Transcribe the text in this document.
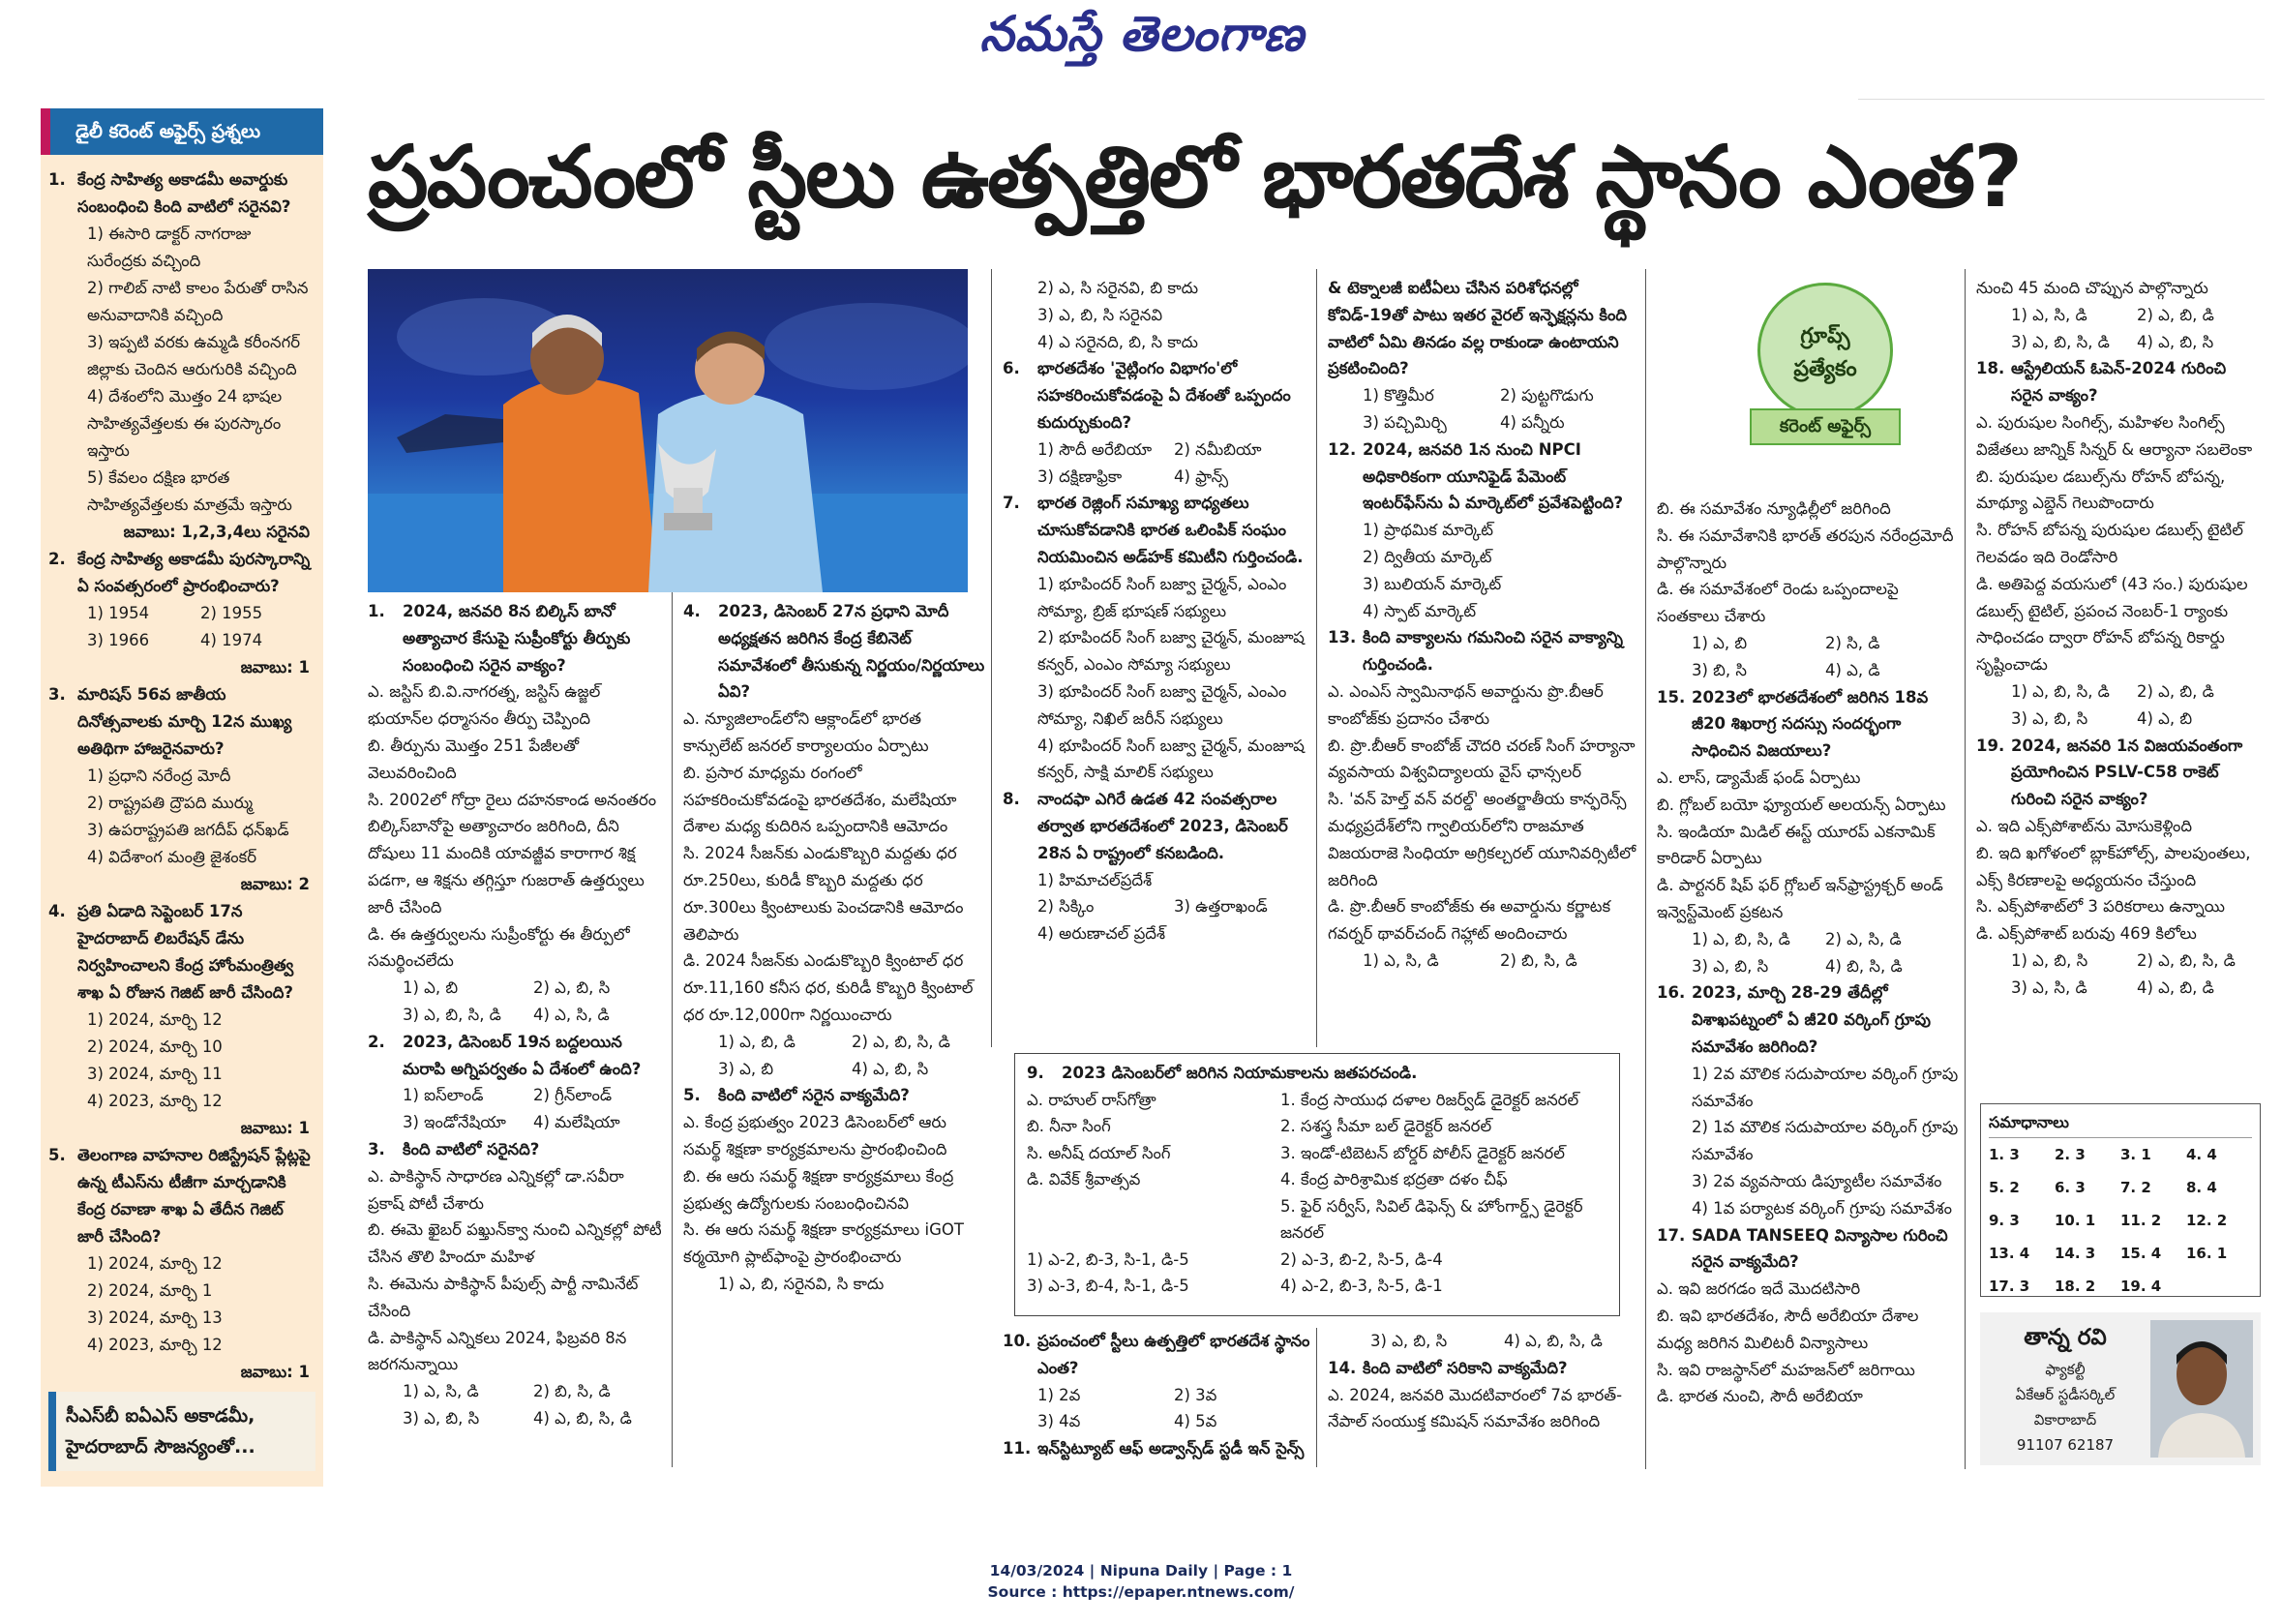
నమస్తే తెలంగాణ
ప్రపంచంలో స్టీలు ఉత్పత్తిలో భారతదేశ స్థానం ఎంత?
డైలీ కరెంట్ అఫైర్స్ ప్రశ్నలు
1. కేంద్ర సాహిత్య అకాడమీ అవార్డుకు సంబంధించి కింది వాటిలో సరైనవి?
1) ఈసారి డాక్టర్ నాగరాజు సురేంద్రకు వచ్చింది
2) గాలిబ్ నాటి కాలం పేరుతో రాసిన అనువాదానికి వచ్చింది
3) ఇప్పటి వరకు ఉమ్మడి కరీంనగర్ జిల్లాకు చెందిన ఆరుగురికి వచ్చింది
4) దేశంలోని మొత్తం 24 భాషల సాహిత్యవేత్తలకు ఈ పురస్కారం ఇస్తారు
5) కేవలం దక్షిణ భారత సాహిత్యవేత్తలకు మాత్రమే ఇస్తారు
జవాబు: 1,2,3,4లు సరైనవి
2. కేంద్ర సాహిత్య అకాడమీ పురస్కారాన్ని ఏ సంవత్సరంలో ప్రారంభించారు?
1) 1954	2) 1955
3) 1966	4) 1974
జవాబు: 1
3. మారిషస్ 56వ జాతీయ దినోత్సవాలకు మార్చి 12న ముఖ్య అతిథిగా హాజరైనవారు?
1) ప్రధాని నరేంద్ర మోదీ
2) రాష్ట్రపతి ద్రౌపది ముర్ము
3) ఉపరాష్ట్రపతి జగదీప్ ధన్‌ఖడ్
4) విదేశాంగ మంత్రి జైశంకర్
జవాబు: 2
4. ప్రతి ఏడాది సెప్టెంబర్ 17న హైదరాబాద్ లిబరేషన్ డేను నిర్వహించాలని కేంద్ర హోంమంత్రిత్వ శాఖ ఏ రోజున గెజిట్ జారీ చేసింది?
1) 2024, మార్చి 12
2) 2024, మార్చి 10
3) 2024, మార్చి 11
4) 2023, మార్చి 12
జవాబు: 1
5. తెలంగాణ వాహనాల రిజిస్ట్రేషన్ ప్లేట్లపై ఉన్న టీఎస్‌ను టీజీగా మార్చడానికి కేంద్ర రవాణా శాఖ ఏ తేదీన గెజిట్ జారీ చేసింది?
1) 2024, మార్చి 12
2) 2024, మార్చి 1
3) 2024, మార్చి 13
4) 2023, మార్చి 12
జవాబు: 1
సీఎస్‌బీ ఐఏఎస్ అకాడమీ,
హైదరాబాద్ సౌజన్యంతో...
1.	2024, జనవరి 8న బిల్కిస్ బానో అత్యాచార కేసుపై సుప్రీంకోర్టు తీర్పుకు సంబంధించి సరైన వాక్యం?
ఎ. జస్టిస్ బి.వి.నాగరత్న, జస్టిస్ ఉజ్జల్ భుయాన్‌ల ధర్మాసనం తీర్పు చెప్పింది
బి. తీర్పును మొత్తం 251 పేజీలతో వెలువరించింది
సి. 2002లో గోద్రా రైలు దహనకాండ అనంతరం బిల్కిస్‌బానోపై అత్యాచారం జరిగింది, దీని దోషులు 11 మందికి యావజ్జీవ కారాగార శిక్ష పడగా, ఆ శిక్షను తగ్గిస్తూ గుజరాత్ ఉత్తర్వులు జారీ చేసింది
డి. ఈ ఉత్తర్వులను సుప్రీంకోర్టు ఈ తీర్పులో సమర్థించలేదు
1) ఎ, బి	2) ఎ, బి, సి
3) ఎ, బి, సి, డి	4) ఎ, సి, డి
2.	2023, డిసెంబర్ 19న బద్దలయిన మరాపి అగ్నిపర్వతం ఏ దేశంలో ఉంది?
1) ఐస్‌లాండ్	2) గ్రీన్‌లాండ్
3) ఇండోనేషియా	4) మలేషియా
3.	కింది వాటిలో సరైనది?
ఎ. పాకిస్థాన్ సాధారణ ఎన్నికల్లో డా.సవీరా ప్రకాష్ పోటీ చేశారు
బి. ఈమె ఖైబర్ పఖ్తున్‌క్వా నుంచి ఎన్నికల్లో పోటీ చేసిన తొలి హిందూ మహిళ
సి. ఈమెను పాకిస్థాన్ పీపుల్స్ పార్టీ నామినేట్ చేసింది
డి. పాకిస్థాన్ ఎన్నికలు 2024, ఫిబ్రవరి 8న జరగనున్నాయి
1) ఎ, సి, డి	2) బి, సి, డి
3) ఎ, బి, సి	4) ఎ, బి, సి, డి
4.	2023, డిసెంబర్ 27న ప్రధాని మోదీ అధ్యక్షతన జరిగిన కేంద్ర కేబినెట్ సమావేశంలో తీసుకున్న నిర్ణయం/నిర్ణయాలు ఏవి?
ఎ. న్యూజిలాండ్‌లోని ఆక్లాండ్‌లో భారత కాన్సులేట్ జనరల్ కార్యాలయం ఏర్పాటు
బి. ప్రసార మాధ్యమ రంగంలో సహకరించుకోవడంపై భారతదేశం, మలేషియా దేశాల మధ్య కుదిరిన ఒప్పందానికి ఆమోదం
సి. 2024 సీజన్‌కు ఎండుకొబ్బరి మద్దతు ధర రూ.250లు, కురిడీ కొబ్బరి మద్దతు ధర రూ.300లు క్వింటాలుకు పెంచడానికి ఆమోదం తెలిపారు
డి. 2024 సీజన్‌కు ఎండుకొబ్బరి క్వింటాల్ ధర రూ.11,160 కనీస ధర, కురిడీ కొబ్బరి క్వింటాల్ ధర రూ.12,000గా నిర్ణయించారు
1) ఎ, బి, డి	2) ఎ, బి, సి, డి
3) ఎ, బి	4) ఎ, బి, సి
5.	కింది వాటిలో సరైన వాక్యమేది?
ఎ. కేంద్ర ప్రభుత్వం 2023 డిసెంబర్‌లో ఆరు సమర్థ్ శిక్షణా కార్యక్రమాలను ప్రారంభించింది
బి. ఈ ఆరు సమర్థ్ శిక్షణా కార్యక్రమాలు కేంద్ర ప్రభుత్వ ఉద్యోగులకు సంబంధించినవి
సి. ఈ ఆరు సమర్థ్ శిక్షణా కార్యక్రమాలు iGOT కర్మయోగి ప్లాట్‌ఫాంపై ప్రారంభించారు
1) ఎ, బి, సరైనవి, సి కాదు
2) ఎ, సి సరైనవి, బి కాదు
3) ఎ, బి, సి సరైనవి
4) ఎ సరైనది, బి, సి కాదు
6.	భారతదేశం 'వైట్లింగం విభాగం'లో సహకరించుకోవడంపై ఏ దేశంతో ఒప్పందం కుదుర్చుకుంది?
1) సౌదీ అరేబియా	2) నమీబియా
3) దక్షిణాఫ్రికా	4) ఫ్రాన్స్
7.	భారత రెజ్లింగ్ సమాఖ్య బాధ్యతలు చూసుకోవడానికి భారత ఒలింపిక్ సంఘం నియమించిన అడ్‌హక్ కమిటీని గుర్తించండి.
1) భూపిందర్ సింగ్ బజ్వా చైర్మన్, ఎంఎం సోమ్యా, బ్రిజ్ భూషణ్ సభ్యులు
2) భూపిందర్ సింగ్ బజ్వా చైర్మన్, మంజూష కన్వర్, ఎంఎం సోమ్యా సభ్యులు
3) భూపిందర్ సింగ్ బజ్వా చైర్మన్, ఎంఎం సోమ్యా, నిఖిల్ జరీన్ సభ్యులు
4) భూపిందర్ సింగ్ బజ్వా చైర్మన్, మంజూష కన్వర్, సాక్షి మాలిక్ సభ్యులు
8.	నాందఫా ఎగిరే ఉడత 42 సంవత్సరాల తర్వాత భారతదేశంలో 2023, డిసెంబర్ 28న ఏ రాష్ట్రంలో కనబడింది.
1) హిమాచల్‌ప్రదేశ్
2) సిక్కిం	3) ఉత్తరాఖండ్
4) అరుణాచల్ ప్రదేశ్
& టెక్నాలజీ ఐటీఏలు చేసిన పరిశోధనల్లో కోవిడ్-19తో పాటు ఇతర వైరల్ ఇన్ఫెక్షన్లను కింది వాటిలో ఏమి తినడం వల్ల రాకుండా ఉంటాయని ప్రకటించింది?
1) కొత్తిమీర	2) పుట్టగొడుగు
3) పచ్చిమిర్చి	4) పన్నీరు
12. 2024, జనవరి 1న నుంచి NPCI అధికారికంగా యూనిఫైడ్ పేమెంట్ ఇంటర్‌ఫేస్‌ను ఏ మార్కెట్‌లో ప్రవేశపెట్టింది?
1) ప్రాథమిక మార్కెట్
2) ద్వితీయ మార్కెట్
3) బులియన్ మార్కెట్
4) స్పాట్ మార్కెట్
13. కింది వాక్యాలను గమనించి సరైన వాక్యాన్ని గుర్తించండి.
ఎ. ఎంఎస్ స్వామినాథన్ అవార్డును ప్రొ.బీఆర్ కాంబోజ్‌కు ప్రదానం చేశారు
బి. ప్రొ.బీఆర్ కాంబోజ్ చౌదరి చరణ్ సింగ్ హర్యానా వ్యవసాయ విశ్వవిద్యాలయ వైస్ ఛాన్సలర్
సి. 'వన్ హెల్త్ వన్ వరల్డ్' అంతర్జాతీయ కాన్ఫరెన్స్ మధ్యప్రదేశ్‌లోని గ్వాలియర్‌లోని రాజమాత విజయరాజె సింధియా అగ్రికల్చరల్ యూనివర్సిటీలో జరిగింది
డి. ప్రొ.బీఆర్ కాంబోజ్‌కు ఈ అవార్డును కర్ణాటక గవర్నర్ థావర్‌చంద్ గెహ్లాట్ అందించారు
1) ఎ, సి, డి	2) బి, సి, డి
9.	2023 డిసెంబర్‌లో జరిగిన నియామకాలను జతపరచండి.
ఎ. రాహుల్ రాస్‌గోత్రా	1. కేంద్ర సాయుధ దళాల రిజర్వ్‌డ్ డైరెక్టర్ జనరల్
బి. నీనా సింగ్	2. సశస్త్ర సీమా బల్ డైరెక్టర్ జనరల్
సి. అనీష్ దయాల్ సింగ్	3. ఇండో-టిబెటన్ బోర్డర్ పోలీస్ డైరెక్టర్ జనరల్
డి. వివేక్ శ్రీవాత్సవ	4. కేంద్ర పారిశ్రామిక భద్రతా దళం చీఫ్
5. ఫైర్ సర్వీస్, సివిల్ డిఫెన్స్ & హోంగార్డ్స్ డైరెక్టర్ జనరల్
1) ఎ-2, బి-3, సి-1, డి-5	2) ఎ-3, బి-2, సి-5, డి-4
3) ఎ-3, బి-4, సి-1, డి-5	4) ఎ-2, బి-3, సి-5, డి-1
10. ప్రపంచంలో స్టీలు ఉత్పత్తిలో భారతదేశ స్థానం ఎంత?
1) 2వ	2) 3వ
3) 4వ	4) 5వ
11. ఇన్‌స్టిట్యూట్ ఆఫ్ అడ్వాన్స్‌డ్ స్టడీ ఇన్ సైన్స్
3) ఎ, బి, సి	4) ఎ, బి, సి, డి
14. కింది వాటిలో సరికాని వాక్యమేది?
ఎ. 2024, జనవరి మొదటివారంలో 7వ భారత్-నేపాల్ సంయుక్త కమిషన్ సమావేశం జరిగింది
గ్రూప్స్
ప్రత్యేకం
కరెంట్ అఫైర్స్
బి. ఈ సమావేశం న్యూఢిల్లీలో జరిగింది
సి. ఈ సమావేశానికి భారత్ తరపున నరేంద్రమోదీ పాల్గొన్నారు
డి. ఈ సమావేశంలో రెండు ఒప్పందాలపై సంతకాలు చేశారు
1) ఎ, బి	2) సి, డి
3) బి, సి	4) ఎ, డి
15. 2023లో భారతదేశంలో జరిగిన 18వ జీ20 శిఖరాగ్ర సదస్సు సందర్భంగా సాధించిన విజయాలు?
ఎ. లాస్, డ్యామేజ్ ఫండ్ ఏర్పాటు
బి. గ్లోబల్ బయో ఫ్యూయల్ అలయన్స్ ఏర్పాటు
సి. ఇండియా మిడిల్ ఈస్ట్ యూరప్ ఎకనామిక్ కారిడార్ ఏర్పాటు
డి. పార్టనర్ షిప్ ఫర్ గ్లోబల్ ఇన్‌ఫ్రాస్ట్రక్చర్ అండ్ ఇన్వెస్ట్‌మెంట్ ప్రకటన
1) ఎ, బి, సి, డి	2) ఎ, సి, డి
3) ఎ, బి, సి	4) బి, సి, డి
16. 2023, మార్చి 28-29 తేదీల్లో విశాఖపట్నంలో ఏ జీ20 వర్కింగ్ గ్రూపు సమావేశం జరిగింది?
1) 2వ మౌలిక సదుపాయాల వర్కింగ్ గ్రూపు సమావేశం
2) 1వ మౌలిక సదుపాయాల వర్కింగ్ గ్రూపు సమావేశం
3) 2వ వ్యవసాయ డిప్యూటీల సమావేశం
4) 1వ పర్యాటక వర్కింగ్ గ్రూపు సమావేశం
17. SADA TANSEEQ విన్యాసాల గురించి సరైన వాక్యమేది?
ఎ. ఇవి జరగడం ఇదే మొదటిసారి
బి. ఇవి భారతదేశం, సౌదీ అరేబియా దేశాల మధ్య జరిగిన మిలిటరీ విన్యాసాలు
సి. ఇవి రాజస్థాన్‌లో మహజన్‌లో జరిగాయి
డి. భారత నుంచి, సౌదీ అరేబియా
నుంచి 45 మంది చొప్పున పాల్గొన్నారు
1) ఎ, సి, డి	2) ఎ, బి, డి
3) ఎ, బి, సి, డి	4) ఎ, బి, సి
18. ఆస్ట్రేలియన్ ఓపెన్-2024 గురించి సరైన వాక్యం?
ఎ. పురుషుల సింగిల్స్, మహిళల సింగిల్స్ విజేతలు జాన్నిక్ సిన్నర్ & ఆర్యానా సబలెంకా
బి. పురుషుల డబుల్స్‌ను రోహన్ బోపన్న, మాథ్యూ ఎబ్డెన్ గెలుపొందారు
సి. రోహన్ బోపన్న పురుషుల డబుల్స్ టైటిల్ గెలవడం ఇది రెండోసారి
డి. అతిపెద్ద వయసులో (43 సం.) పురుషుల డబుల్స్ టైటిల్, ప్రపంచ నెంబర్-1 ర్యాంకు సాధించడం ద్వారా రోహన్ బోపన్న రికార్డు సృష్టించాడు
1) ఎ, బి, సి, డి	2) ఎ, బి, డి
3) ఎ, బి, సి	4) ఎ, బి
19. 2024, జనవరి 1న విజయవంతంగా ప్రయోగించిన PSLV-C58 రాకెట్ గురించి సరైన వాక్యం?
ఎ. ఇది ఎక్స్‌పోశాట్‌ను మోసుకెళ్లింది
బి. ఇది ఖగోళంలో బ్లాక్‌హోల్స్, పాలపుంతలు, ఎక్స్ కిరణాలపై అధ్యయనం చేస్తుంది
సి. ఎక్స్‌పోశాట్‌లో 3 పరికరాలు ఉన్నాయి
డి. ఎక్స్‌పోశాట్ బరువు 469 కిలోలు
1) ఎ, బి, సి	2) ఎ, బి, సి, డి
3) ఎ, సి, డి	4) ఎ, బి, డి
సమాధానాలు
1. 3	2. 3	3. 1	4. 4
5. 2	6. 3	7. 2	8. 4
9. 3	10. 1	11. 2	12. 2
13. 4	14. 3	15. 4	16. 1
17. 3	18. 2	19. 4
తాన్న రవి
ఫ్యాకల్టీ
ఏకేఆర్ స్టడీసర్కిల్
వికారాబాద్
91107 62187
14/03/2024 | Nipuna Daily | Page : 1
Source : https://epaper.ntnews.com/
